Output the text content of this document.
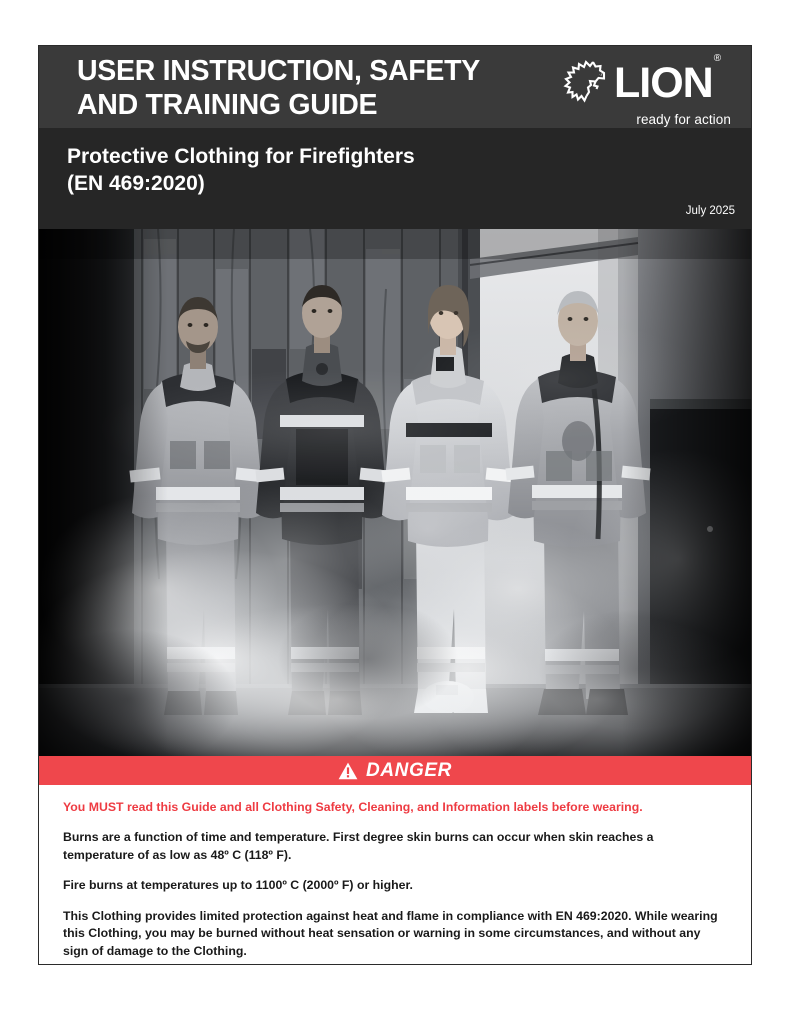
USER INSTRUCTION, SAFETY
AND TRAINING GUIDE	LION®
ready for action
Protective Clothing for Firefighters
(EN 469:2020)
July 2025
DANGER

You MUST read this Guide and all Clothing Safety, Cleaning, and Information labels before wearing.

Burns are a function of time and temperature. First degree skin burns can occur when skin reaches a temperature of as low as 48º C (118º F).

Fire burns at temperatures up to 1100º C (2000º F) or higher.

This Clothing provides limited protection against heat and flame in compliance with EN 469:2020. While wearing this Clothing, you may be burned without heat sensation or warning in some circumstances, and without any sign of damage to the Clothing.
